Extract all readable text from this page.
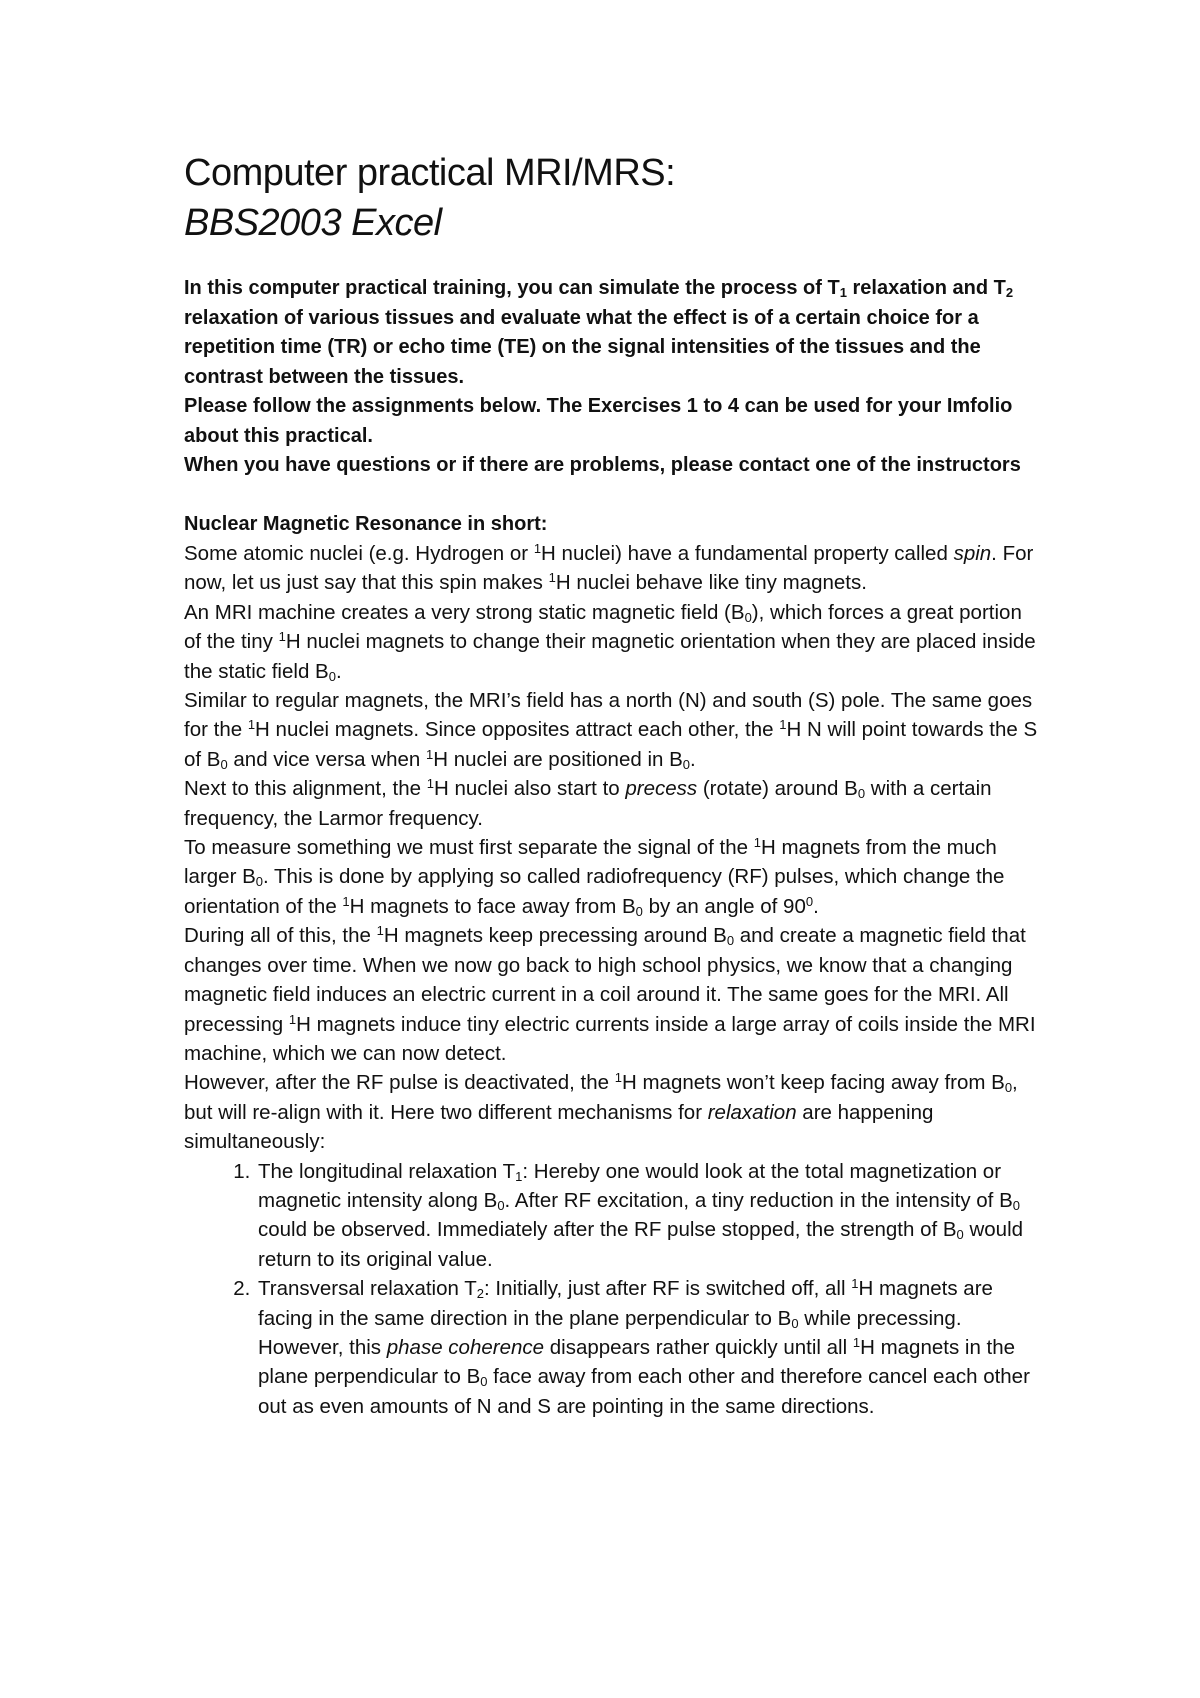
Computer practical MRI/MRS:
BBS2003 Excel

In this computer practical training, you can simulate the process of $T_1$ relaxation and $T_2$ relaxation of various tissues and evaluate what the effect is of a certain choice for a repetition time (TR) or echo time (TE) on the signal intensities of the tissues and the contrast between the tissues.

Please follow the assignments below. The Exercises 1 to 4 can be used for your Imfolio about this practical.

When you have questions or if there are problems, please contact one of the instructors

Nuclear Magnetic Resonance in short:

Some atomic nuclei (e.g. Hydrogen or $^1$H nuclei) have a fundamental property called spin. For now, let us just say that this spin makes $^1$H nuclei behave like tiny magnets.

An MRI machine creates a very strong static magnetic field $(B_0)$, which forces a great portion of the tiny $^1$H nuclei magnets to change their magnetic orientation when they are placed inside the static field $B_0$.

Similar to regular magnets, the MRI’s field has a north (N) and south (S) pole. The same goes for the $^1$H nuclei magnets. Since opposites attract each other, the $^1$H N will point towards the S of $B_0$ and vice versa when $^1$H nuclei are positioned in $B_0$.

Next to this alignment, the $^1$H nuclei also start to precess (rotate) around $B_0$ with a certain frequency, the Larmor frequency.

To measure something we must first separate the signal of the $^1$H magnets from the much larger $B_0$. This is done by applying so called radiofrequency (RF) pulses, which change the orientation of the $^1$H magnets to face away from $B_0$ by an angle of $90^0$.

During all of this, the $^1$H magnets keep precessing around $B_0$ and create a magnetic field that changes over time. When we now go back to high school physics, we know that a changing magnetic field induces an electric current in a coil around it. The same goes for the MRI. All precessing $^1$H magnets induce tiny electric currents inside a large array of coils inside the MRI machine, which we can now detect.

However, after the RF pulse is deactivated, the $^1$H magnets won’t keep facing away from $B_0$, but will re-align with it. Here two different mechanisms for relaxation are happening simultaneously:

1. The longitudinal relaxation $T_1$: Hereby one would look at the total magnetization or magnetic intensity along $B_0$. After RF excitation, a tiny reduction in the intensity of $B_0$ could be observed. Immediately after the RF pulse stopped, the strength of $B_0$ would return to its original value.
2. Transversal relaxation $T_2$: Initially, just after RF is switched off, all $^1$H magnets are facing in the same direction in the plane perpendicular to $B_0$ while precessing. However, this phase coherence disappears rather quickly until all $^1$H magnets in the plane perpendicular to $B_0$ face away from each other and therefore cancel each other out as even amounts of N and S are pointing in the same directions.
